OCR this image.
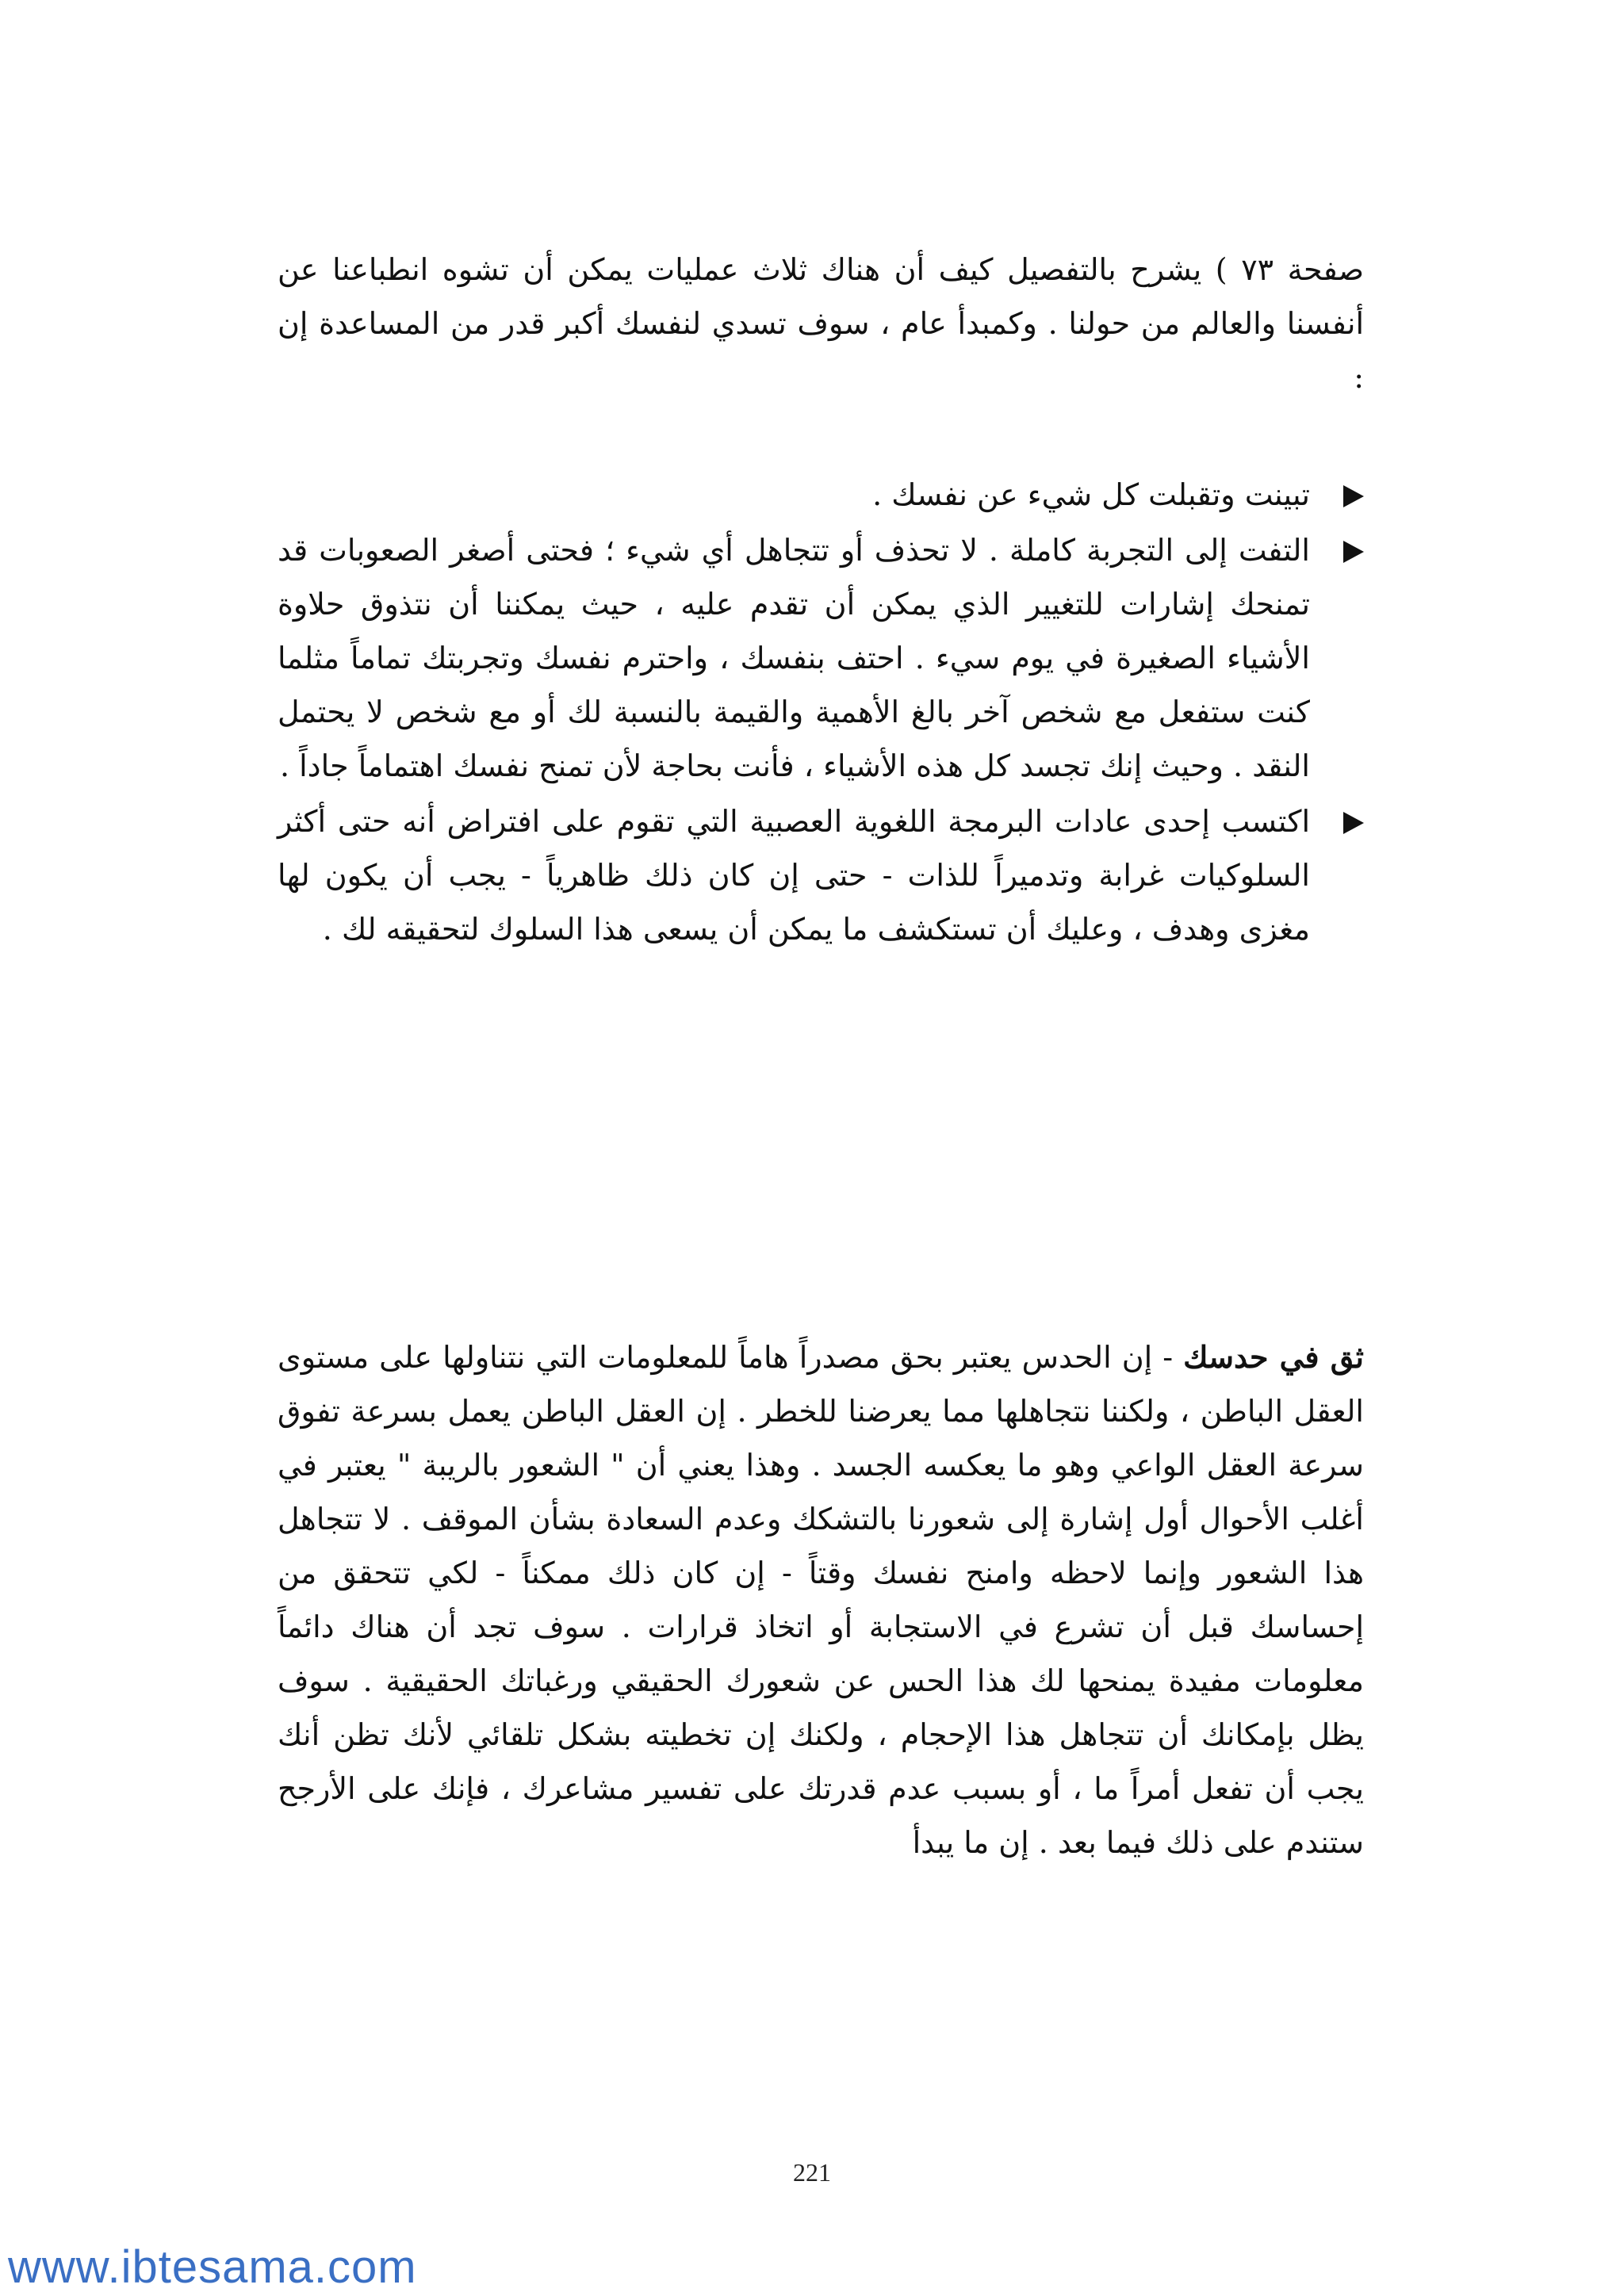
صفحة ٧٣ ) يشرح بالتفصيل كيف أن هناك ثلاث عمليات يمكن أن تشوه انطباعنا عن أنفسنا والعالم من حولنا . وكمبدأ عام ، سوف تسدي لنفسك أكبر قدر من المساعدة إن :

تبينت وتقبلت كل شيء عن نفسك .
التفت إلى التجربة كاملة . لا تحذف أو تتجاهل أي شيء ؛ فحتى أصغر الصعوبات قد تمنحك إشارات للتغيير الذي يمكن أن تقدم عليه ، حيث يمكننا أن نتذوق حلاوة الأشياء الصغيرة في يوم سيء . احتف بنفسك ، واحترم نفسك وتجربتك تماماً مثلما كنت ستفعل مع شخص آخر بالغ الأهمية والقيمة بالنسبة لك أو مع شخص لا يحتمل النقد . وحيث إنك تجسد كل هذه الأشياء ، فأنت بحاجة لأن تمنح نفسك اهتماماً جاداً .
اكتسب إحدى عادات البرمجة اللغوية العصبية التي تقوم على افتراض أنه حتى أكثر السلوكيات غرابة وتدميراً للذات - حتى إن كان ذلك ظاهرياً - يجب أن يكون لها مغزى وهدف ، وعليك أن تستكشف ما يمكن أن يسعى هذا السلوك لتحقيقه لك .

ثق في حدسك - إن الحدس يعتبر بحق مصدراً هاماً للمعلومات التي نتناولها على مستوى العقل الباطن ، ولكننا نتجاهلها مما يعرضنا للخطر . إن العقل الباطن يعمل بسرعة تفوق سرعة العقل الواعي وهو ما يعكسه الجسد . وهذا يعني أن " الشعور بالريبة " يعتبر في أغلب الأحوال أول إشارة إلى شعورنا بالتشكك وعدم السعادة بشأن الموقف . لا تتجاهل هذا الشعور وإنما لاحظه وامنح نفسك وقتاً - إن كان ذلك ممكناً - لكي تتحقق من إحساسك قبل أن تشرع في الاستجابة أو اتخاذ قرارات . سوف تجد أن هناك دائماً معلومات مفيدة يمنحها لك هذا الحس عن شعورك الحقيقي ورغباتك الحقيقية . سوف يظل بإمكانك أن تتجاهل هذا الإحجام ، ولكنك إن تخطيته بشكل تلقائي لأنك تظن أنك يجب أن تفعل أمراً ما ، أو بسبب عدم قدرتك على تفسير مشاعرك ، فإنك على الأرجح ستندم على ذلك فيما بعد . إن ما يبدأ

221
www.ibtesama.com
